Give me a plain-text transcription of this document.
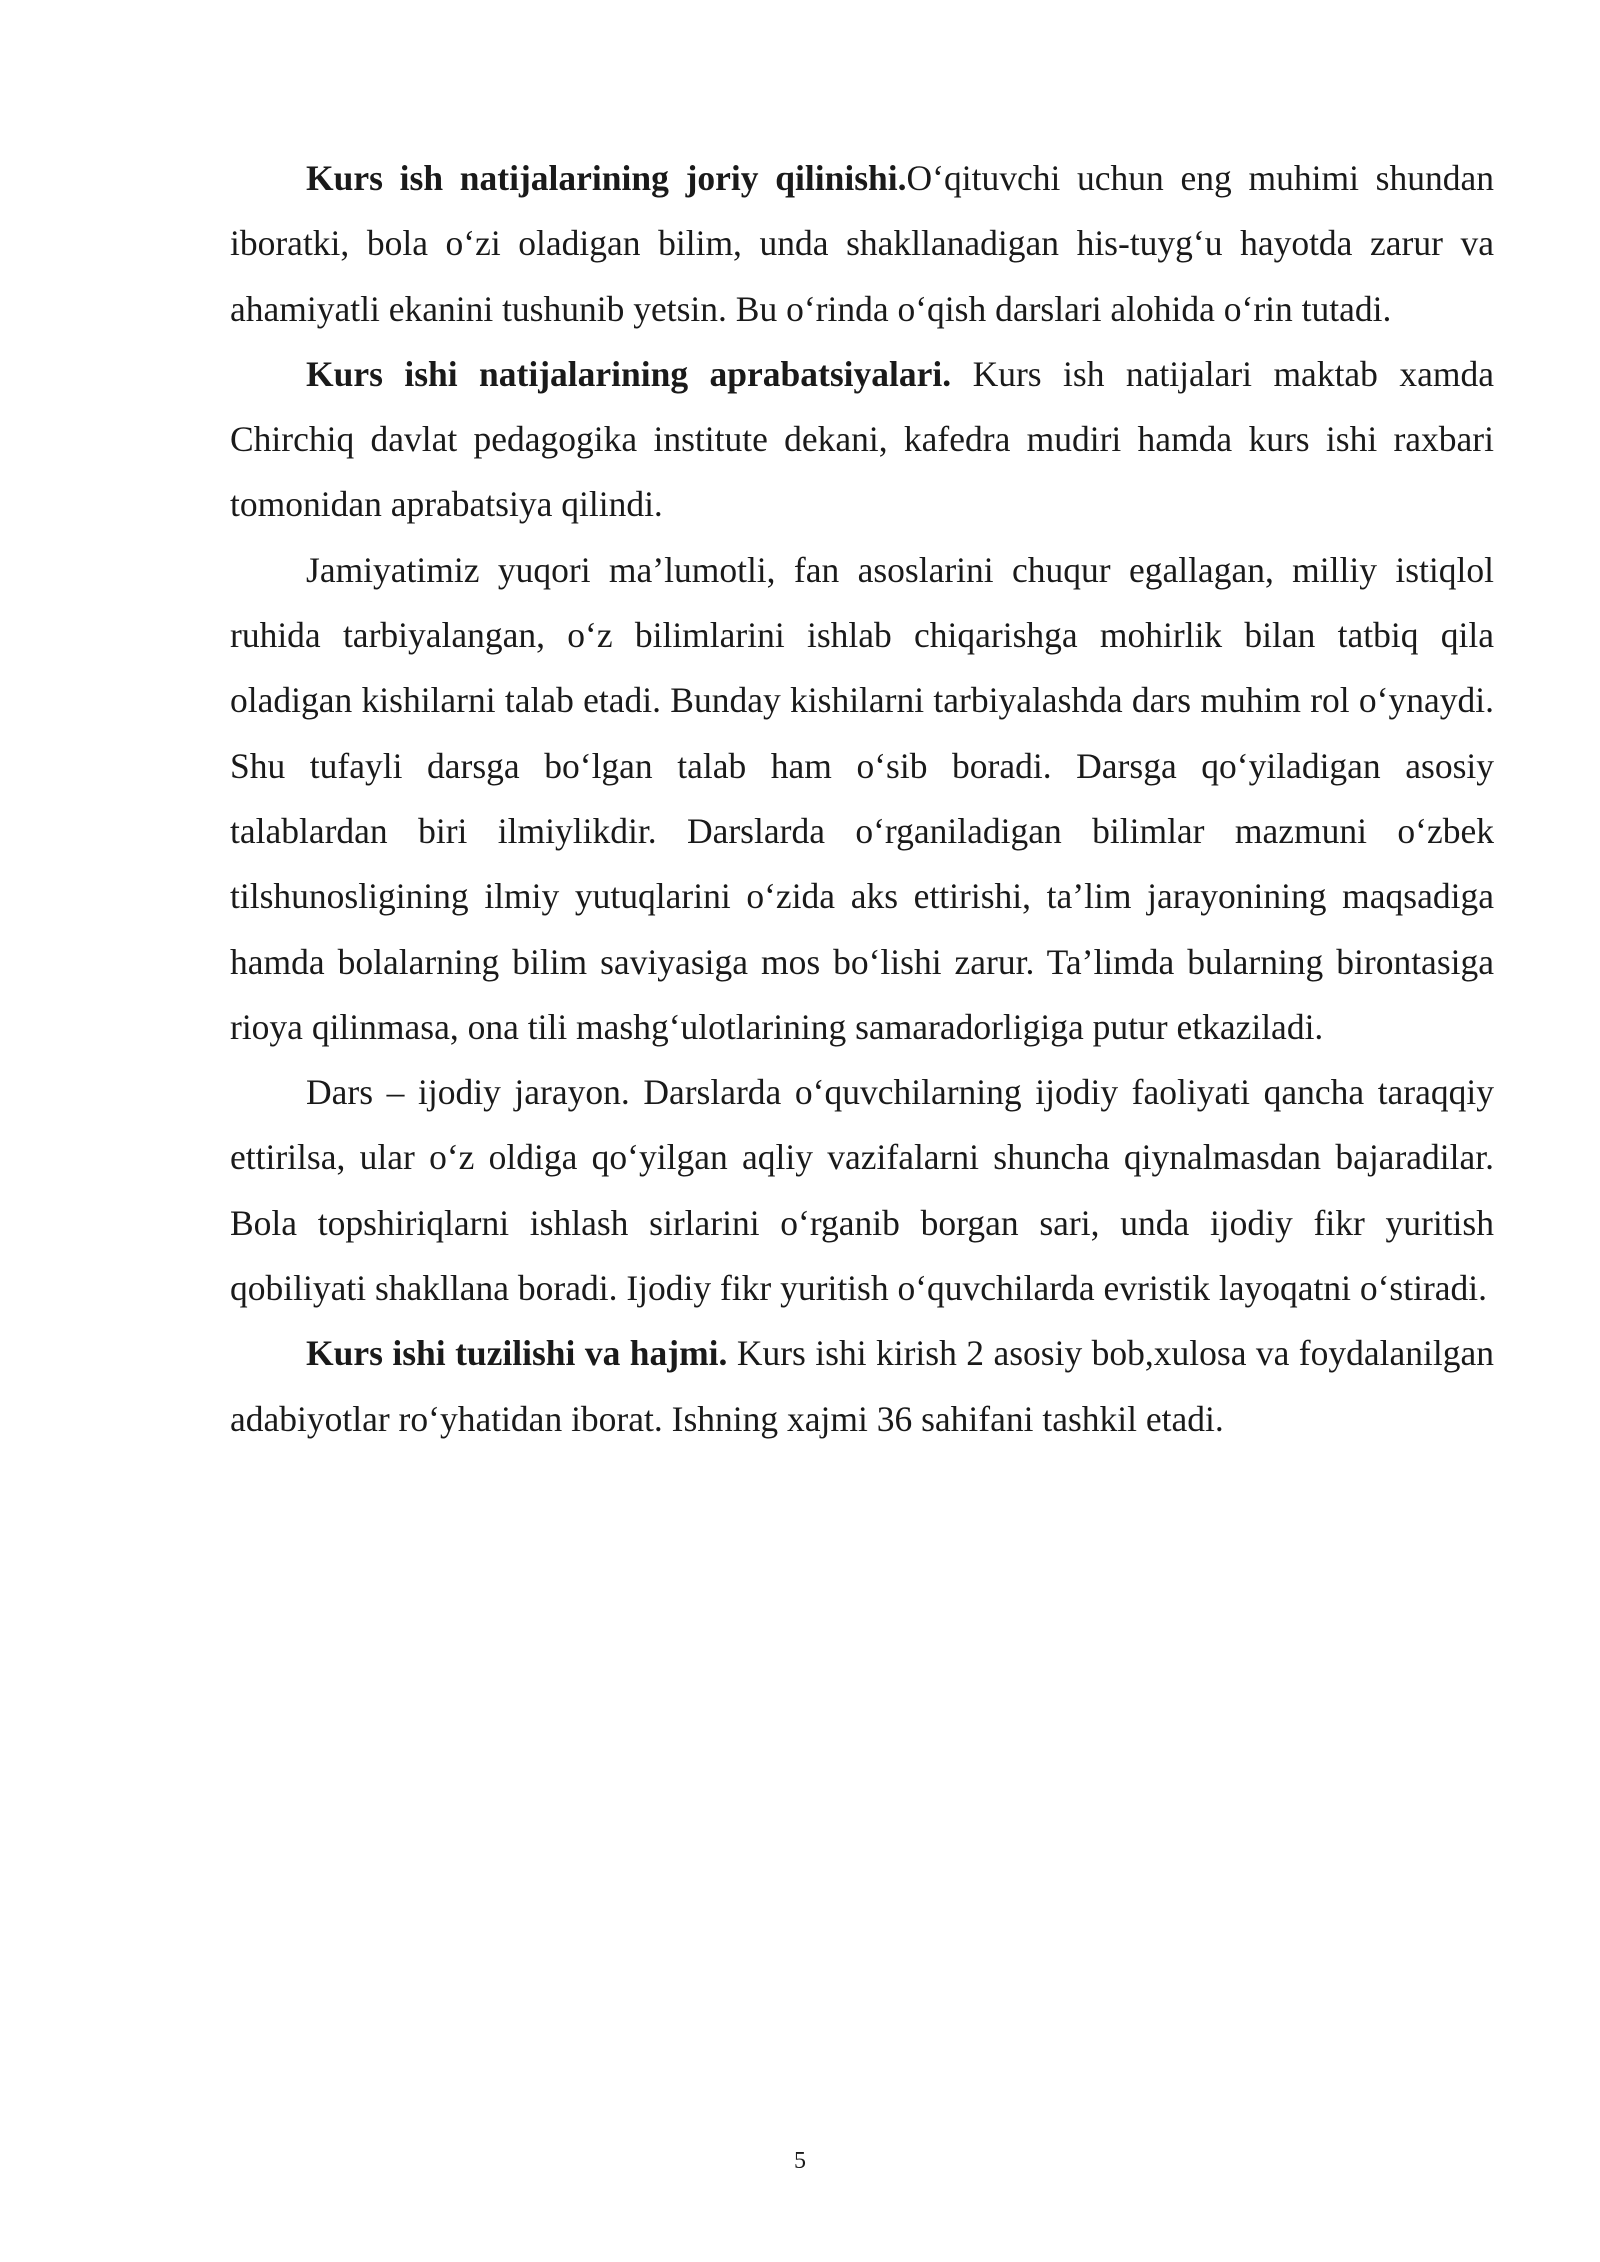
Kurs ish natijalarining joriy qilinishi.O‘qituvchi uchun eng muhimi shundan iboratki, bola o‘zi oladigan bilim, unda shakllanadigan his-tuyg‘u hayotda zarur va ahamiyatli ekanini tushunib yetsin. Bu o‘rinda o‘qish darslari alohida o‘rin tutadi.

Kurs ishi natijalarining aprabatsiyalari. Kurs ish natijalari maktab xamda Chirchiq davlat pedagogika institute dekani, kafedra mudiri hamda kurs ishi raxbari tomonidan aprabatsiya qilindi.

Jamiyatimiz yuqori ma’lumotli, fan asoslarini chuqur egallagan, milliy istiqlol ruhida tarbiyalangan, o‘z bilimlarini ishlab chiqarishga mohirlik bilan tatbiq qila oladigan kishilarni talab etadi. Bunday kishilarni tarbiyalashda dars muhim rol o‘ynaydi. Shu tufayli darsga bo‘lgan talab ham o‘sib boradi. Darsga qo‘yiladigan asosiy talablardan biri ilmiylikdir. Darslarda o‘rganiladigan bilimlar mazmuni o‘zbek tilshunosligining ilmiy yutuqlarini o‘zida aks ettirishi, ta’lim jarayonining maqsadiga hamda bolalarning bilim saviyasiga mos bo‘lishi zarur. Ta’limda bularning birontasiga rioya qilinmasa, ona tili mashg‘ulotlarining samaradorligiga putur etkaziladi.

Dars – ijodiy jarayon. Darslarda o‘quvchilarning ijodiy faoliyati qancha taraqqiy ettirilsa, ular o‘z oldiga qo‘yilgan aqliy vazifalarni shuncha qiynalmasdan bajaradilar. Bola topshiriqlarni ishlash sirlarini o‘rganib borgan sari, unda ijodiy fikr yuritish qobiliyati shakllana boradi. Ijodiy fikr yuritish o‘quvchilarda evristik layoqatni o‘stiradi.

Kurs ishi tuzilishi va hajmi. Kurs ishi kirish 2 asosiy bob,xulosa va foydalanilgan adabiyotlar ro‘yhatidan iborat. Ishning xajmi 36 sahifani tashkil etadi.

5
